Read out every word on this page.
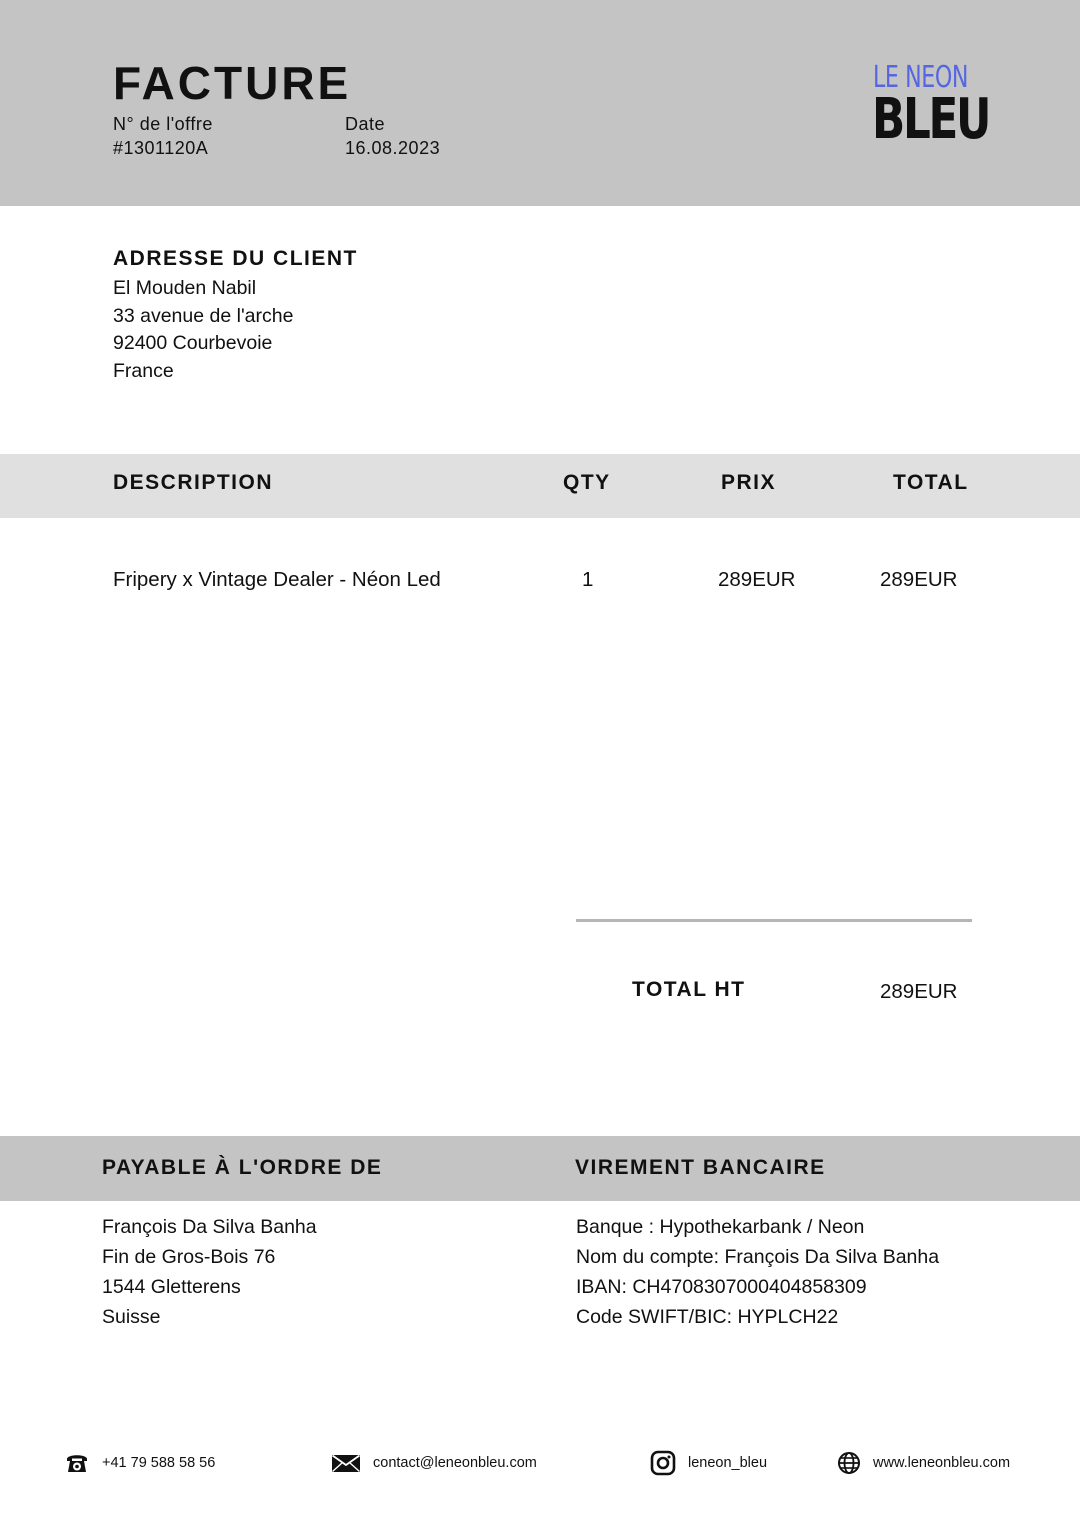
FACTURE
N° de l'offre
#1301120A
Date
16.08.2023
LE NEON
BLEU
ADRESSE DU CLIENT
El Mouden Nabil
33 avenue de l'arche
92400 Courbevoie
France
DESCRIPTION	QTY	PRIX	TOTAL
Fripery x Vintage Dealer - Néon Led	1	289EUR	289EUR
TOTAL HT	289EUR
PAYABLE À L'ORDRE DE	VIREMENT BANCAIRE
François Da Silva Banha
Fin de Gros-Bois 76
1544 Gletterens
Suisse
Banque : Hypothekarbank / Neon
Nom du compte: François Da Silva Banha
IBAN: CH4708307000404858309
Code SWIFT/BIC: HYPLCH22
+41 79 588 58 56	contact@leneonbleu.com	leneon_bleu	www.leneonbleu.com
